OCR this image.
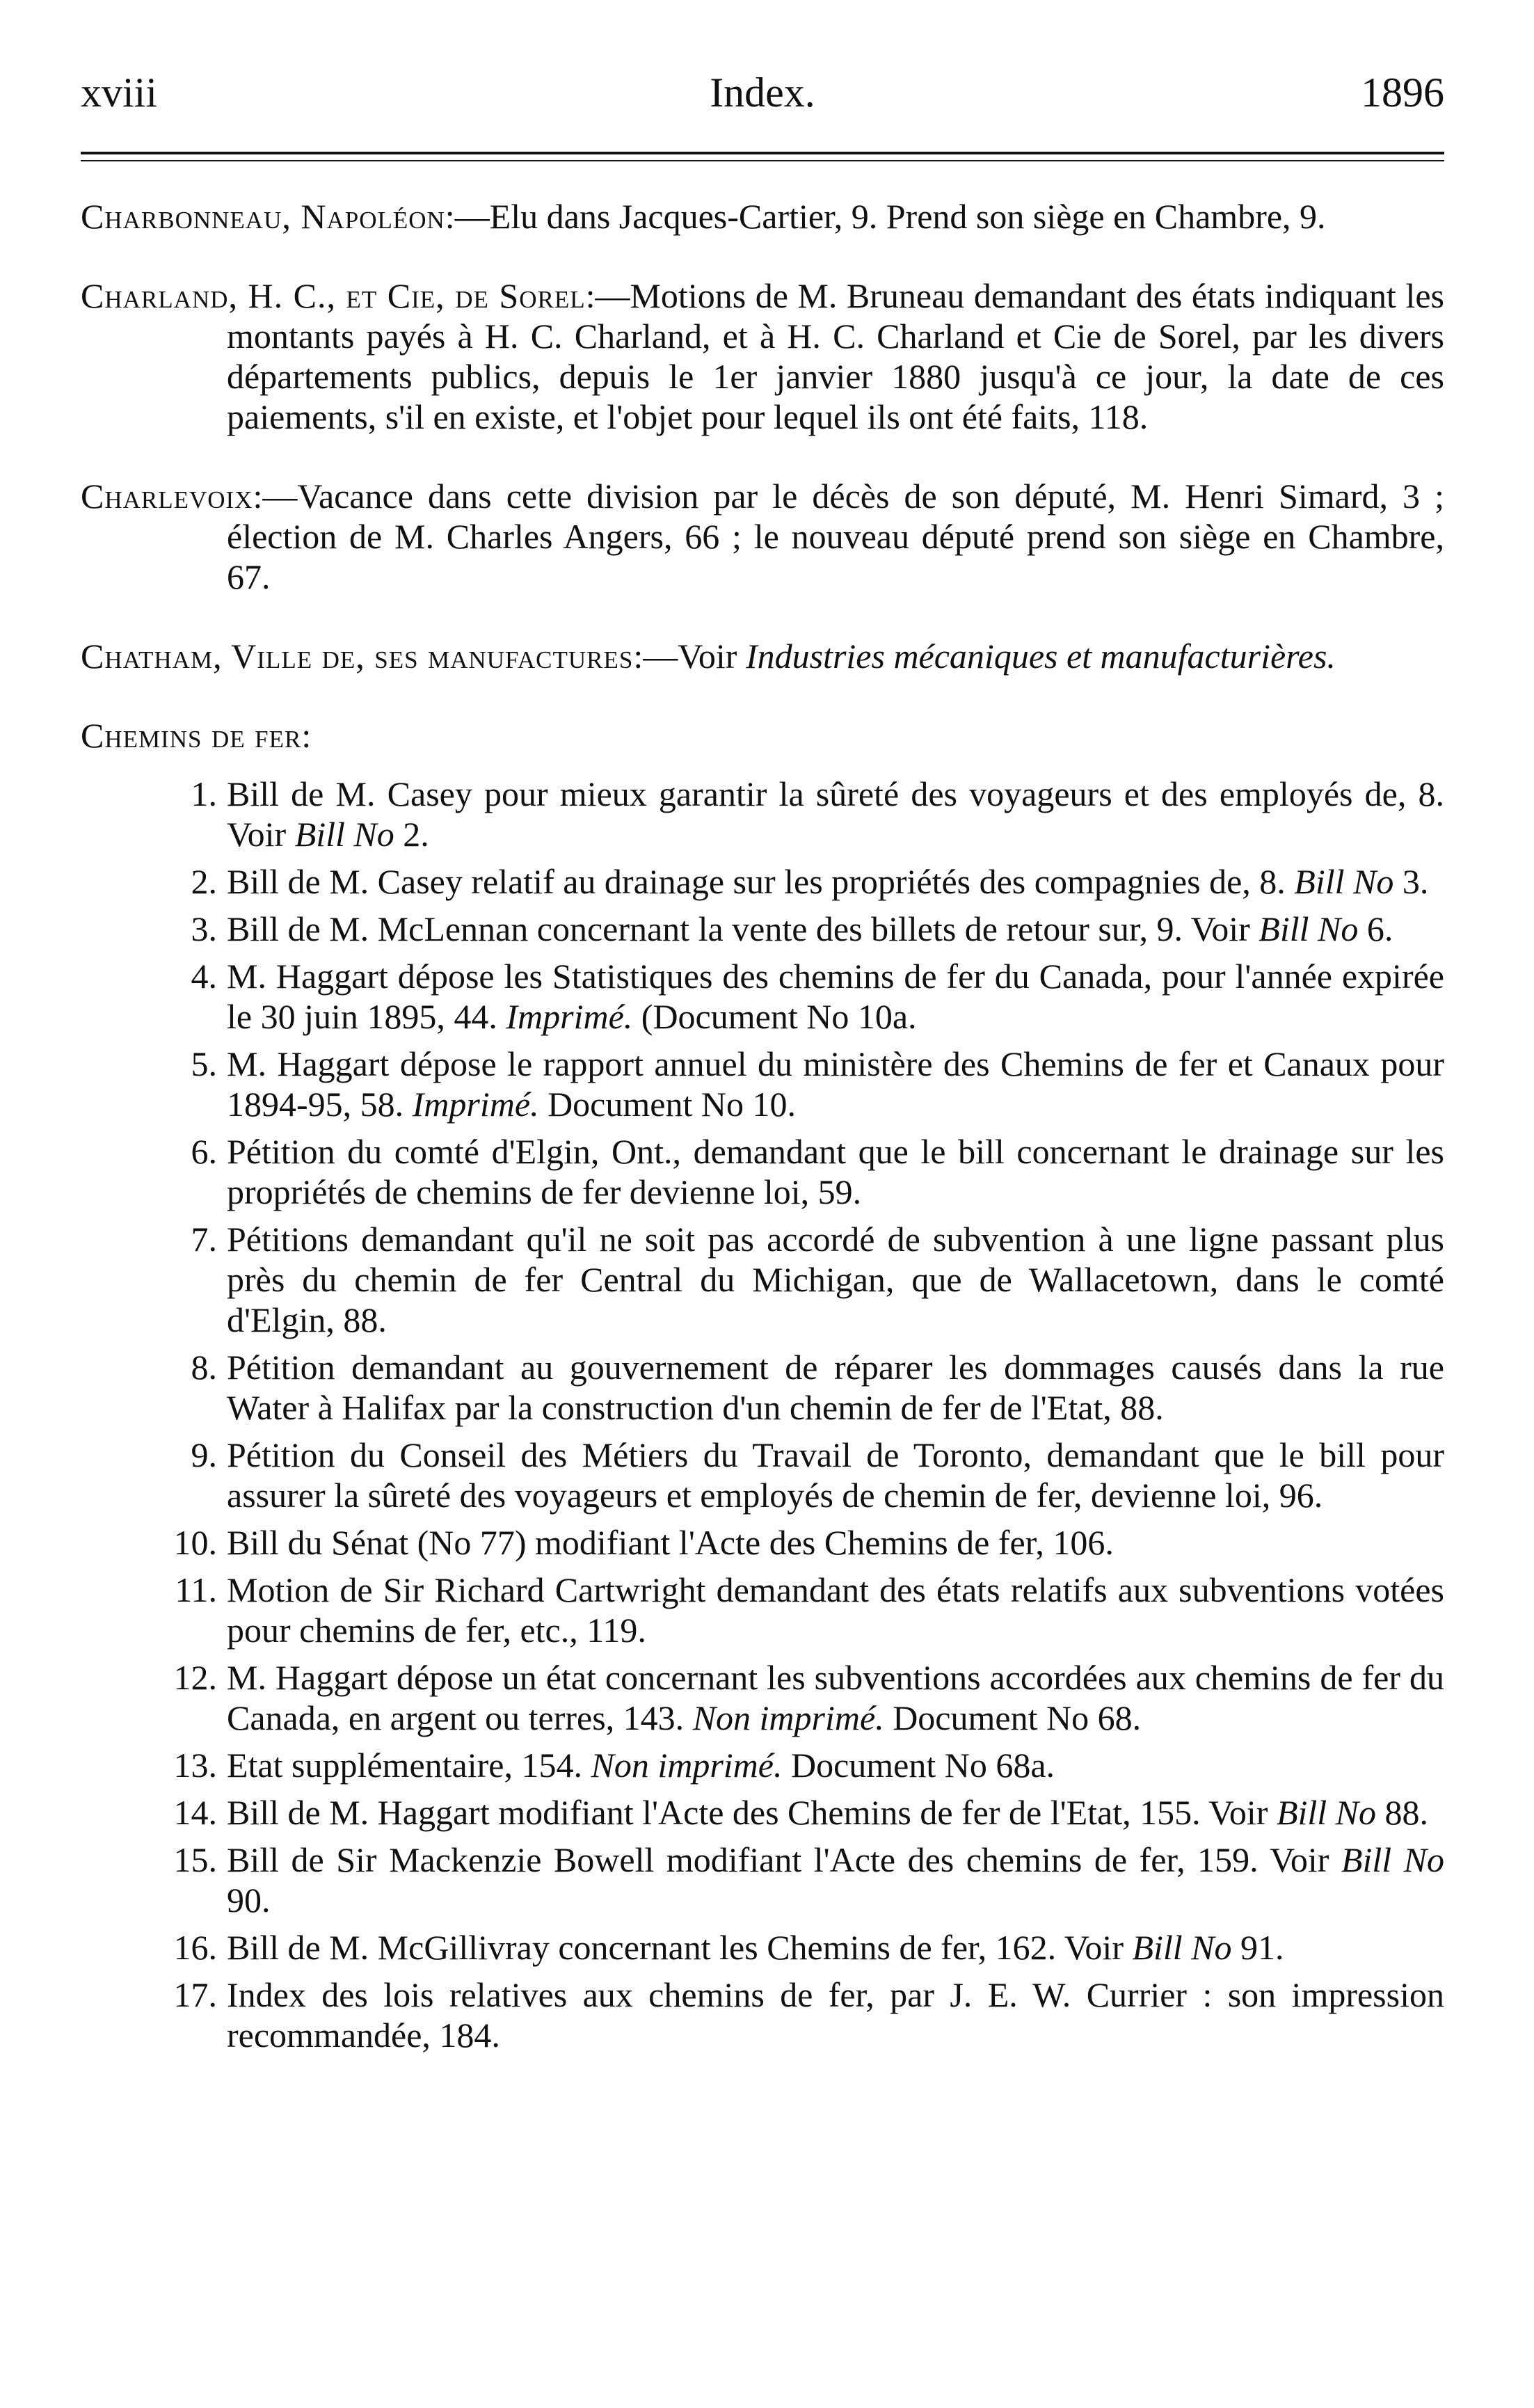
xviii	Index.	1896

Charbonneau, Napoléon:—Elu dans Jacques-Cartier, 9. Prend son siège en Chambre, 9.

Charland, H. C., et Cie, de Sorel:—Motions de M. Bruneau demandant des états indiquant les montants payés à H. C. Charland, et à H. C. Charland et Cie de Sorel, par les divers départements publics, depuis le 1er janvier 1880 jusqu'à ce jour, la date de ces paiements, s'il en existe, et l'objet pour lequel ils ont été faits, 118.

Charlevoix:—Vacance dans cette division par le décès de son député, M. Henri Simard, 3 ; élection de M. Charles Angers, 66 ; le nouveau député prend son siège en Chambre, 67.

Chatham, Ville de, ses manufactures:—Voir Industries mécaniques et manufacturières.

Chemins de fer:
1. Bill de M. Casey pour mieux garantir la sûreté des voyageurs et des employés de, 8. Voir Bill No 2.
2. Bill de M. Casey relatif au drainage sur les propriétés des compagnies de, 8. Bill No 3.
3. Bill de M. McLennan concernant la vente des billets de retour sur, 9. Voir Bill No 6.
4. M. Haggart dépose les Statistiques des chemins de fer du Canada, pour l'année expirée le 30 juin 1895, 44. Imprimé. (Document No 10a.
5. M. Haggart dépose le rapport annuel du ministère des Chemins de fer et Canaux pour 1894-95, 58. Imprimé. Document No 10.
6. Pétition du comté d'Elgin, Ont., demandant que le bill concernant le drainage sur les propriétés de chemins de fer devienne loi, 59.
7. Pétitions demandant qu'il ne soit pas accordé de subvention à une ligne passant plus près du chemin de fer Central du Michigan, que de Wallacetown, dans le comté d'Elgin, 88.
8. Pétition demandant au gouvernement de réparer les dommages causés dans la rue Water à Halifax par la construction d'un chemin de fer de l'Etat, 88.
9. Pétition du Conseil des Métiers du Travail de Toronto, demandant que le bill pour assurer la sûreté des voyageurs et employés de chemin de fer, devienne loi, 96.
10. Bill du Sénat (No 77) modifiant l'Acte des Chemins de fer, 106.
11. Motion de Sir Richard Cartwright demandant des états relatifs aux subventions votées pour chemins de fer, etc., 119.
12. M. Haggart dépose un état concernant les subventions accordées aux chemins de fer du Canada, en argent ou terres, 143. Non imprimé. Document No 68.
13. Etat supplémentaire, 154. Non imprimé. Document No 68a.
14. Bill de M. Haggart modifiant l'Acte des Chemins de fer de l'Etat, 155. Voir Bill No 88.
15. Bill de Sir Mackenzie Bowell modifiant l'Acte des chemins de fer, 159. Voir Bill No 90.
16. Bill de M. McGillivray concernant les Chemins de fer, 162. Voir Bill No 91.
17. Index des lois relatives aux chemins de fer, par J. E. W. Currier : son impression recommandée, 184.
